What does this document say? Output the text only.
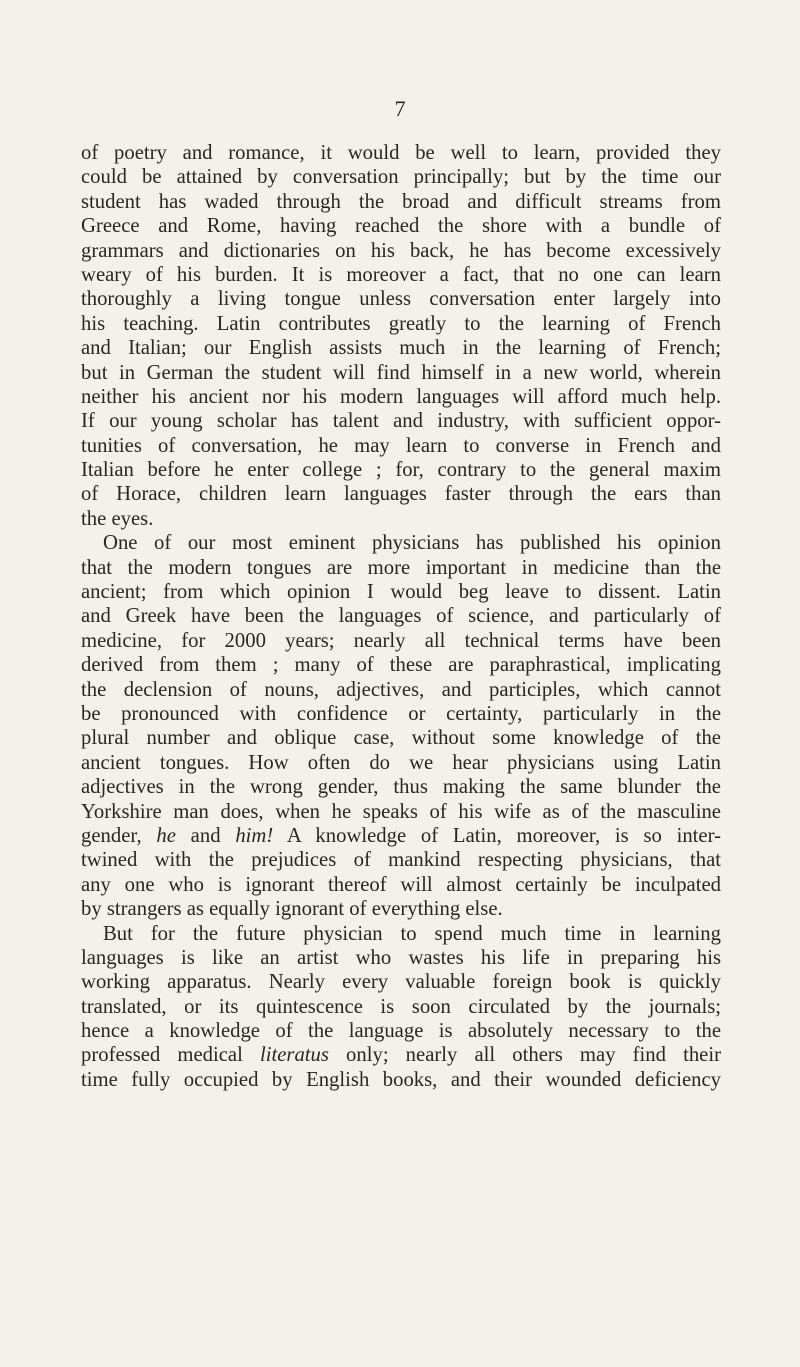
7
of poetry and romance, it would be well to learn, provided they
could be attained by conversation principally; but by the time our
student has waded through the broad and difficult streams from
Greece and Rome, having reached the shore with a bundle of
grammars and dictionaries on his back, he has become excessively
weary of his burden. It is moreover a fact, that no one can learn
thoroughly a living tongue unless conversation enter largely into
his teaching. Latin contributes greatly to the learning of French
and Italian; our English assists much in the learning of French;
but in German the student will find himself in a new world, wherein
neither his ancient nor his modern languages will afford much help.
If our young scholar has talent and industry, with sufficient oppor-
tunities of conversation, he may learn to converse in French and
Italian before he enter college ; for, contrary to the general maxim
of Horace, children learn languages faster through the ears than
the eyes.
One of our most eminent physicians has published his opinion
that the modern tongues are more important in medicine than the
ancient; from which opinion I would beg leave to dissent. Latin
and Greek have been the languages of science, and particularly of
medicine, for 2000 years; nearly all technical terms have been
derived from them ; many of these are paraphrastical, implicating
the declension of nouns, adjectives, and participles, which cannot
be pronounced with confidence or certainty, particularly in the
plural number and oblique case, without some knowledge of the
ancient tongues. How often do we hear physicians using Latin
adjectives in the wrong gender, thus making the same blunder the
Yorkshire man does, when he speaks of his wife as of the masculine
gender, he and him! A knowledge of Latin, moreover, is so inter-
twined with the prejudices of mankind respecting physicians, that
any one who is ignorant thereof will almost certainly be inculpated
by strangers as equally ignorant of everything else.
But for the future physician to spend much time in learning
languages is like an artist who wastes his life in preparing his
working apparatus. Nearly every valuable foreign book is quickly
translated, or its quintescence is soon circulated by the journals;
hence a knowledge of the language is absolutely necessary to the
professed medical literatus only; nearly all others may find their
time fully occupied by English books, and their wounded deficiency
